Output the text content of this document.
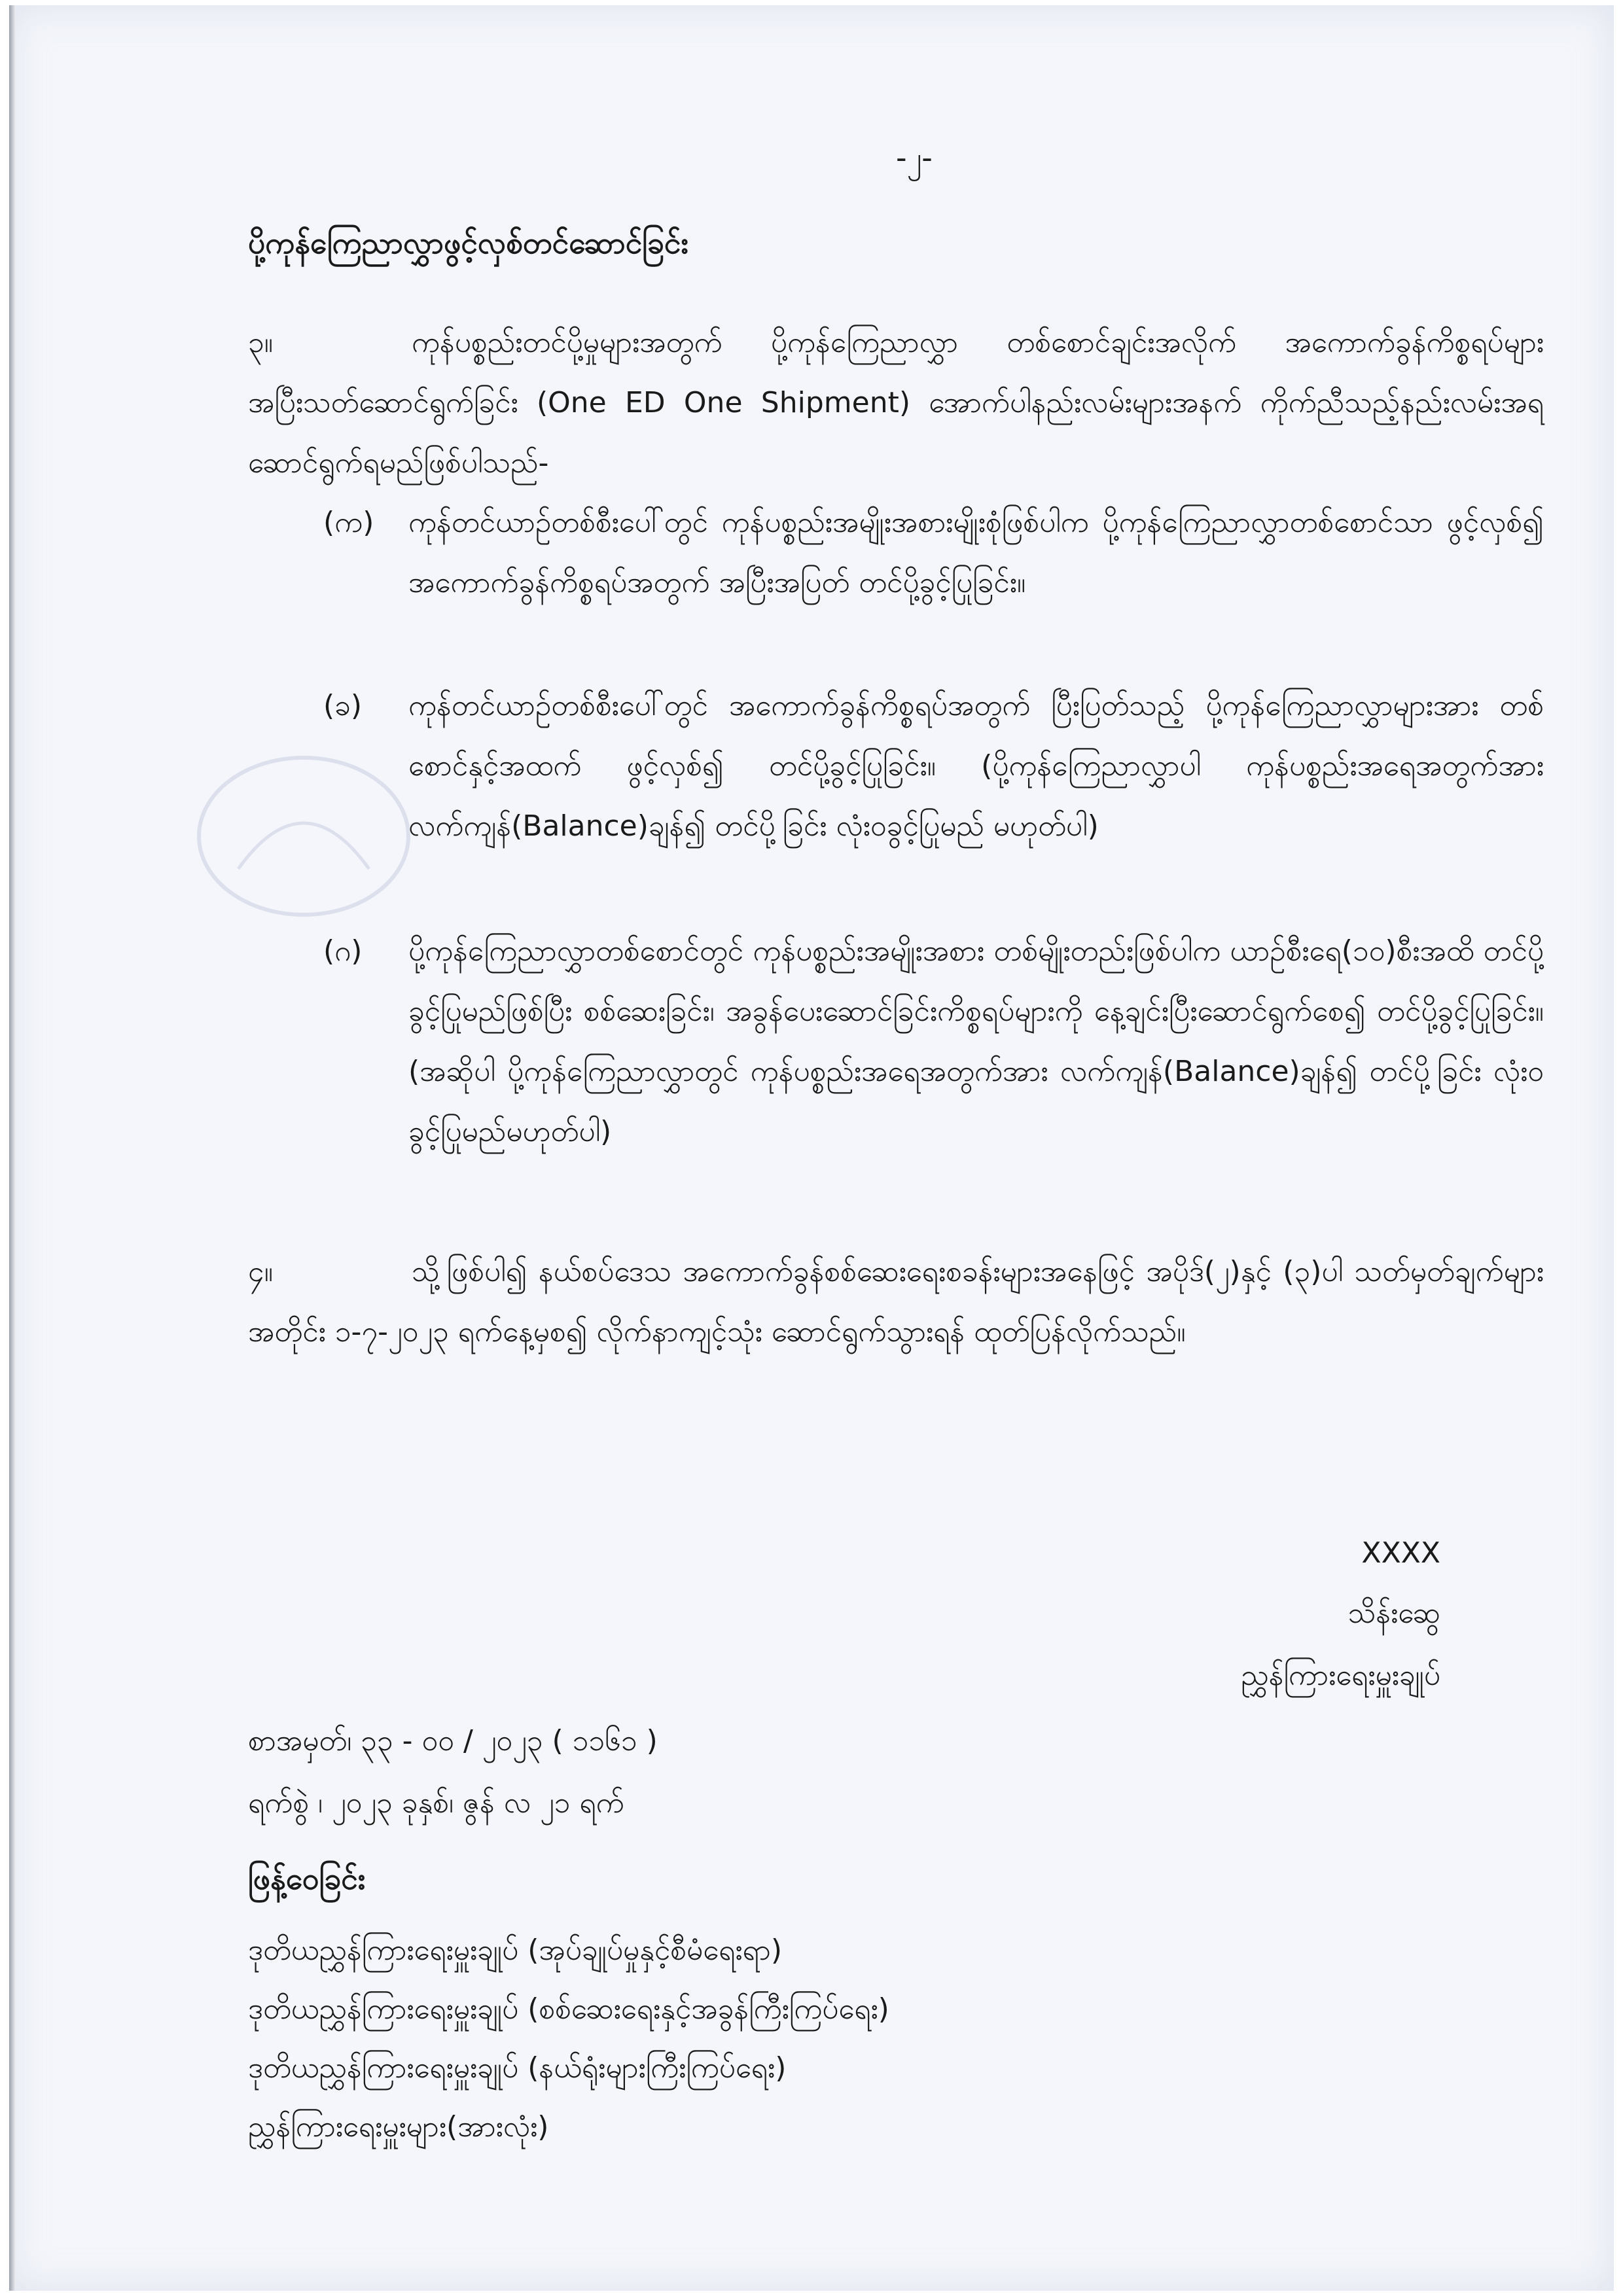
-၂-
ပို့ကုန်ကြေညာလွှာဖွင့်လှစ်တင်ဆောင်ခြင်း
၃။	ကုန်ပစ္စည်းတင်ပို့မှုများအတွက် ပို့ကုန်ကြေညာလွှာ တစ်စောင်ချင်းအလိုက် အကောက်ခွန်ကိစ္စရပ်များ အပြီးသတ်ဆောင်ရွက်ခြင်း (One ED One Shipment) အောက်ပါနည်းလမ်းများအနက် ကိုက်ညီသည့်နည်းလမ်းအရ ဆောင်ရွက်ရမည်ဖြစ်ပါသည်-
(က) ကုန်တင်ယာဉ်တစ်စီးပေါ်တွင် ကုန်ပစ္စည်းအမျိုးအစားမျိုးစုံဖြစ်ပါက ပို့ကုန်ကြေညာလွှာတစ်စောင်သာ ဖွင့်လှစ်၍ အကောက်ခွန်ကိစ္စရပ်အတွက် အပြီးအပြတ် တင်ပို့ခွင့်ပြုခြင်း။
(ခ) ကုန်တင်ယာဉ်တစ်စီးပေါ်တွင် အကောက်ခွန်ကိစ္စရပ်အတွက် ပြီးပြတ်သည့် ပို့ကုန်ကြေညာလွှာများအား တစ်စောင်နှင့်အထက် ဖွင့်လှစ်၍ တင်ပို့ခွင့်ပြုခြင်း။ (ပို့ကုန်ကြေညာလွှာပါ ကုန်ပစ္စည်းအရေအတွက်အား လက်ကျန်(Balance)ချန်၍ တင်ပို့ခြင်း လုံးဝခွင့်ပြုမည် မဟုတ်ပါ)
(ဂ) ပို့ကုန်ကြေညာလွှာတစ်စောင်တွင် ကုန်ပစ္စည်းအမျိုးအစား တစ်မျိုးတည်းဖြစ်ပါက ယာဉ်စီးရေ(၁၀)စီးအထိ တင်ပို့ခွင့်ပြုမည်ဖြစ်ပြီး စစ်ဆေးခြင်း၊ အခွန်ပေးဆောင်ခြင်းကိစ္စရပ်များကို နေ့ချင်းပြီးဆောင်ရွက်စေ၍ တင်ပို့ခွင့်ပြုခြင်း။ (အဆိုပါ ပို့ကုန်ကြေညာလွှာတွင် ကုန်ပစ္စည်းအရေအတွက်အား လက်ကျန်(Balance)ချန်၍ တင်ပို့ခြင်း လုံးဝခွင့်ပြုမည်မဟုတ်ပါ)
၄။	သို့ဖြစ်ပါ၍ နယ်စပ်ဒေသ အကောက်ခွန်စစ်ဆေးရေးစခန်းများအနေဖြင့် အပိုဒ်(၂)နှင့် (၃)ပါ သတ်မှတ်ချက်များအတိုင်း ၁-၇-၂၀၂၃ ရက်နေ့မှစ၍ လိုက်နာကျင့်သုံး ဆောင်ရွက်သွားရန် ထုတ်ပြန်လိုက်သည်။
XXXX
သိန်းဆွေ
ညွှန်ကြားရေးမှူးချုပ်
စာအမှတ်၊ ၃၃ - ၀၀ / ၂၀၂၃ ( ၁၁၆၁ )
ရက်စွဲ ၊ ၂၀၂၃ ခုနှစ်၊ ဇွန် လ ၂၁ ရက်
ဖြန့်ဝေခြင်း
ဒုတိယညွှန်ကြားရေးမှူးချုပ် (အုပ်ချုပ်မှုနှင့်စီမံရေးရာ)
ဒုတိယညွှန်ကြားရေးမှူးချုပ် (စစ်ဆေးရေးနှင့်အခွန်ကြီးကြပ်ရေး)
ဒုတိယညွှန်ကြားရေးမှူးချုပ် (နယ်ရုံးများကြီးကြပ်ရေး)
ညွှန်ကြားရေးမှူးများ(အားလုံး)
